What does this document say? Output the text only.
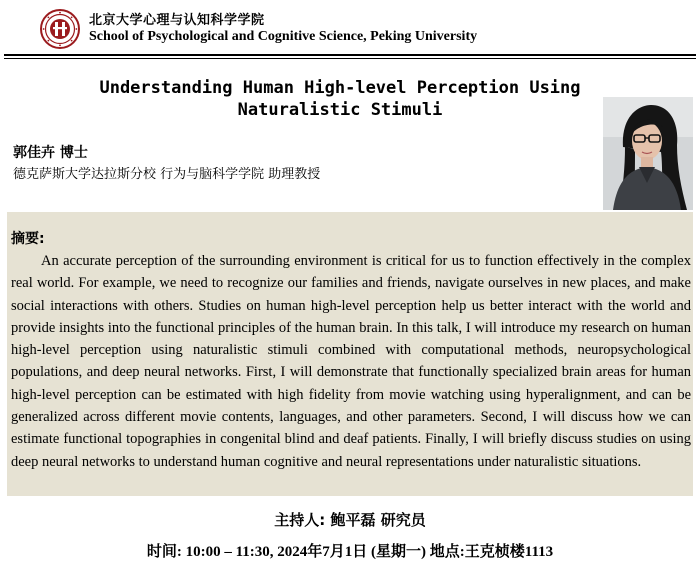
北京大学心理与认知科学学院
School of Psychological and Cognitive Science, Peking University
Understanding Human High-level Perception Using Naturalistic Stimuli
郭佳卉 博士
德克萨斯大学达拉斯分校 行为与脑科学学院 助理教授
摘要:

An accurate perception of the surrounding environment is critical for us to function effectively in the complex real world. For example, we need to recognize our families and friends, navigate ourselves in new places, and make social interactions with others. Studies on human high-level perception help us better interact with the world and provide insights into the functional principles of the human brain. In this talk, I will introduce my research on human high-level perception using naturalistic stimuli combined with computational methods, neuropsychological populations, and deep neural networks. First, I will demonstrate that functionally specialized brain areas for human high-level perception can be estimated with high fidelity from movie watching using hyperalignment, and can be generalized across different movie contents, languages, and other parameters. Second, I will discuss how we can estimate functional topographies in congenital blind and deaf patients. Finally, I will briefly discuss studies on using deep neural networks to understand human cognitive and neural representations under naturalistic situations.

主持人: 鲍平磊 研究员
时间: 10:00 – 11:30, 2024年7月1日 (星期一) 地点:王克桢楼1113
